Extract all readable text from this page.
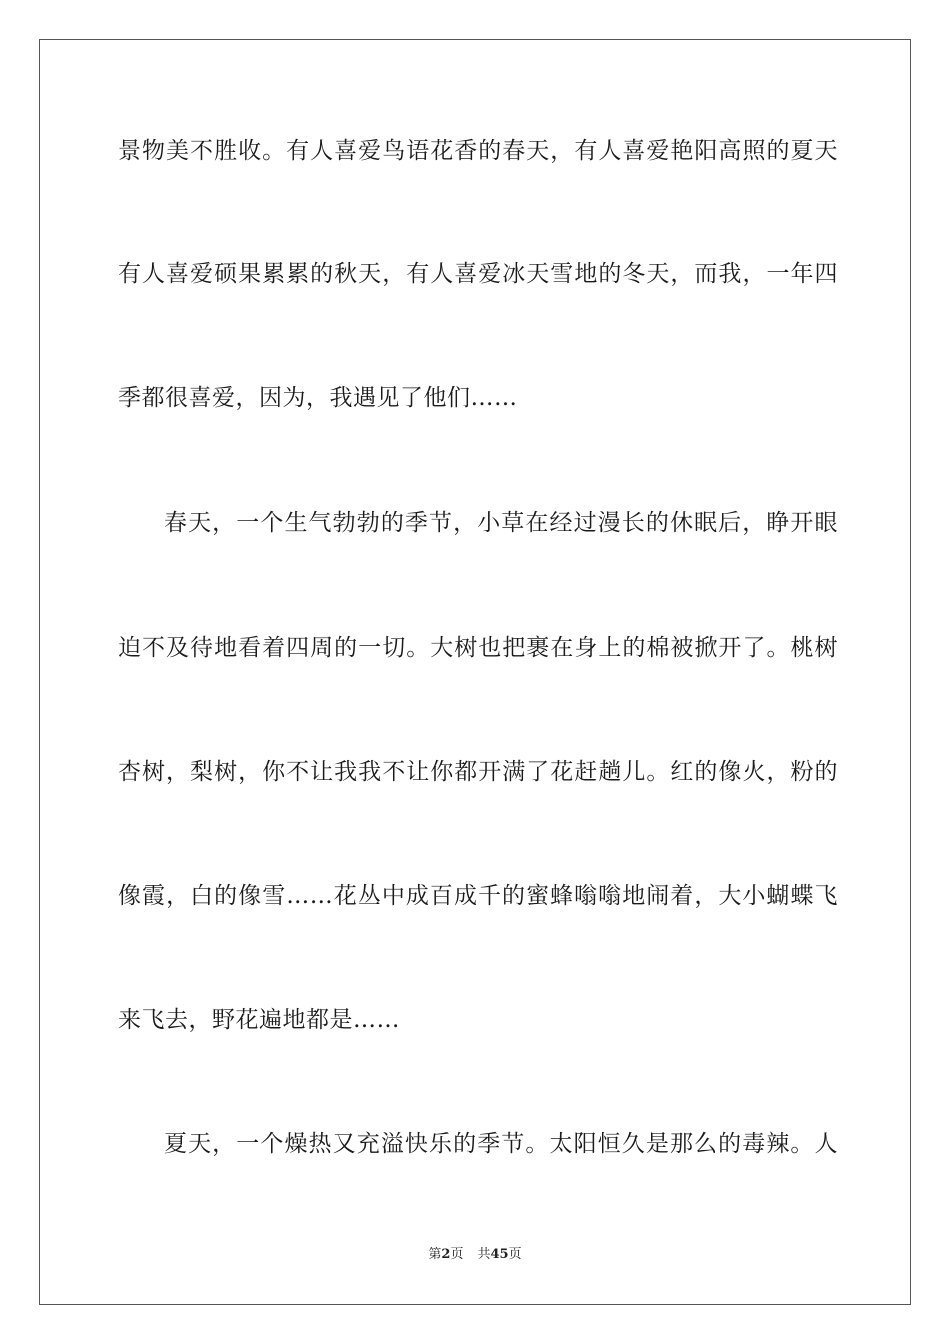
景物美不胜收。有人喜爱鸟语花香的春天，有人喜爱艳阳高照的夏天
有人喜爱硕果累累的秋天，有人喜爱冰天雪地的冬天，而我，一年四
季都很喜爱，因为，我遇见了他们……
春天，一个生气勃勃的季节，小草在经过漫长的休眠后，睁开眼
迫不及待地看着四周的一切。大树也把裹在身上的棉被掀开了。桃树
杏树，梨树，你不让我我不让你都开满了花赶趟儿。红的像火，粉的
像霞，白的像雪……花丛中成百成千的蜜蜂嗡嗡地闹着，大小蝴蝶飞
来飞去，野花遍地都是……
夏天，一个燥热又充溢快乐的季节。太阳恒久是那么的毒辣。人
第2页 共45页
